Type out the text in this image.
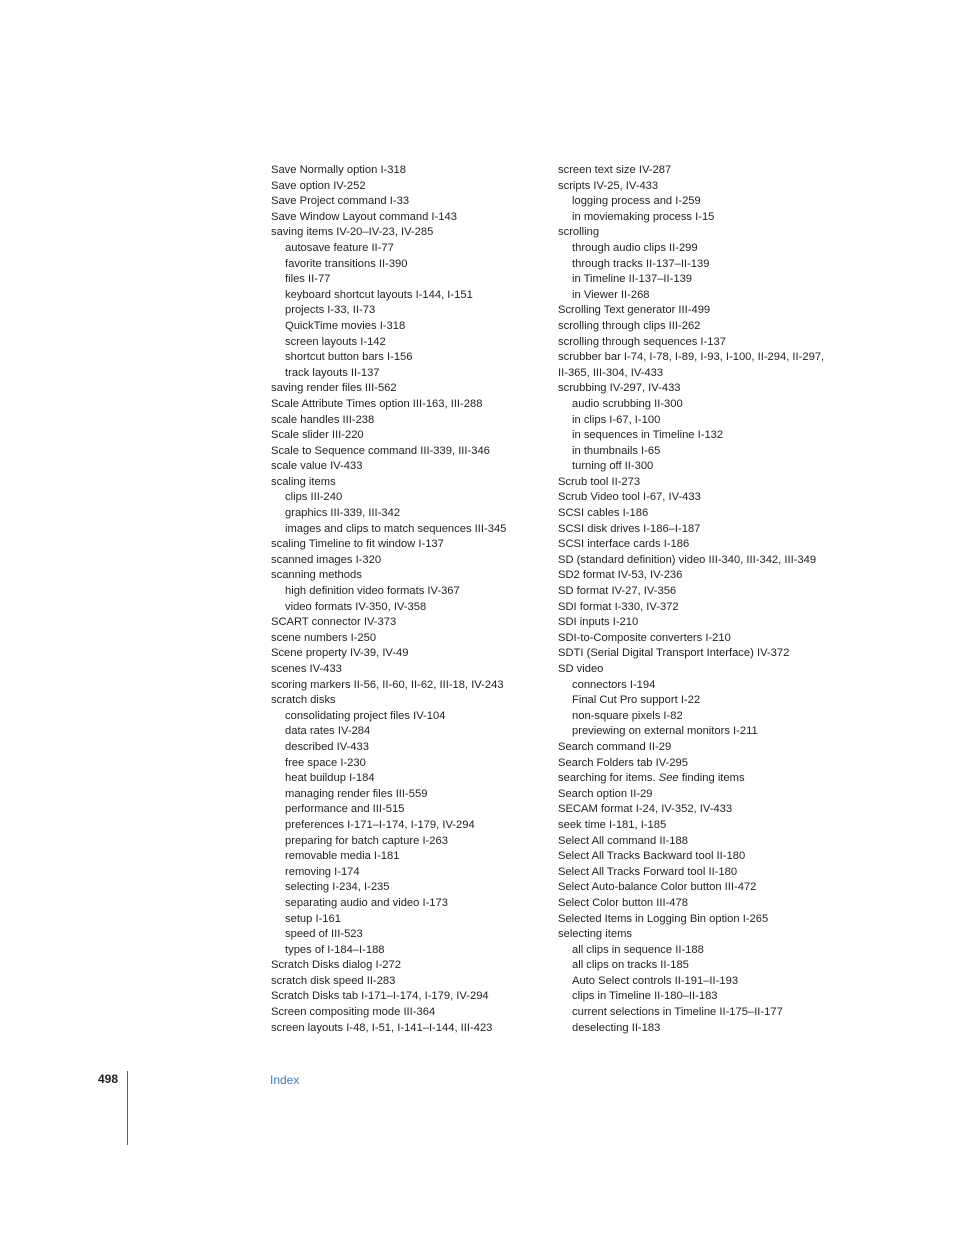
Save Normally option I-318
Save option IV-252
Save Project command I-33
Save Window Layout command I-143
saving items IV-20–IV-23, IV-285
autosave feature II-77
favorite transitions II-390
files II-77
keyboard shortcut layouts I-144, I-151
projects I-33, II-73
QuickTime movies I-318
screen layouts I-142
shortcut button bars I-156
track layouts II-137
saving render files III-562
Scale Attribute Times option III-163, III-288
scale handles III-238
Scale slider III-220
Scale to Sequence command III-339, III-346
scale value IV-433
scaling items
clips III-240
graphics III-339, III-342
images and clips to match sequences III-345
scaling Timeline to fit window I-137
scanned images I-320
scanning methods
high definition video formats IV-367
video formats IV-350, IV-358
SCART connector IV-373
scene numbers I-250
Scene property IV-39, IV-49
scenes IV-433
scoring markers II-56, II-60, II-62, III-18, IV-243
scratch disks
consolidating project files IV-104
data rates IV-284
described IV-433
free space I-230
heat buildup I-184
managing render files III-559
performance and III-515
preferences I-171–I-174, I-179, IV-294
preparing for batch capture I-263
removable media I-181
removing I-174
selecting I-234, I-235
separating audio and video I-173
setup I-161
speed of III-523
types of I-184–I-188
Scratch Disks dialog I-272
scratch disk speed II-283
Scratch Disks tab I-171–I-174, I-179, IV-294
Screen compositing mode III-364
screen layouts I-48, I-51, I-141–I-144, III-423
screen text size IV-287
scripts IV-25, IV-433
logging process and I-259
in moviemaking process I-15
scrolling
through audio clips II-299
through tracks II-137–II-139
in Timeline II-137–II-139
in Viewer II-268
Scrolling Text generator III-499
scrolling through clips III-262
scrolling through sequences I-137
scrubber bar I-74, I-78, I-89, I-93, I-100, II-294, II-297,
II-365, III-304, IV-433
scrubbing IV-297, IV-433
audio scrubbing II-300
in clips I-67, I-100
in sequences in Timeline I-132
in thumbnails I-65
turning off II-300
Scrub tool II-273
Scrub Video tool I-67, IV-433
SCSI cables I-186
SCSI disk drives I-186–I-187
SCSI interface cards I-186
SD (standard definition) video III-340, III-342, III-349
SD2 format IV-53, IV-236
SD format IV-27, IV-356
SDI format I-330, IV-372
SDI inputs I-210
SDI-to-Composite converters I-210
SDTI (Serial Digital Transport Interface) IV-372
SD video
connectors I-194
Final Cut Pro support I-22
non-square pixels I-82
previewing on external monitors I-211
Search command II-29
Search Folders tab IV-295
searching for items. See finding items
Search option II-29
SECAM format I-24, IV-352, IV-433
seek time I-181, I-185
Select All command II-188
Select All Tracks Backward tool II-180
Select All Tracks Forward tool II-180
Select Auto-balance Color button III-472
Select Color button III-478
Selected Items in Logging Bin option I-265
selecting items
all clips in sequence II-188
all clips on tracks II-185
Auto Select controls II-191–II-193
clips in Timeline II-180–II-183
current selections in Timeline II-175–II-177
deselecting II-183
498	Index
